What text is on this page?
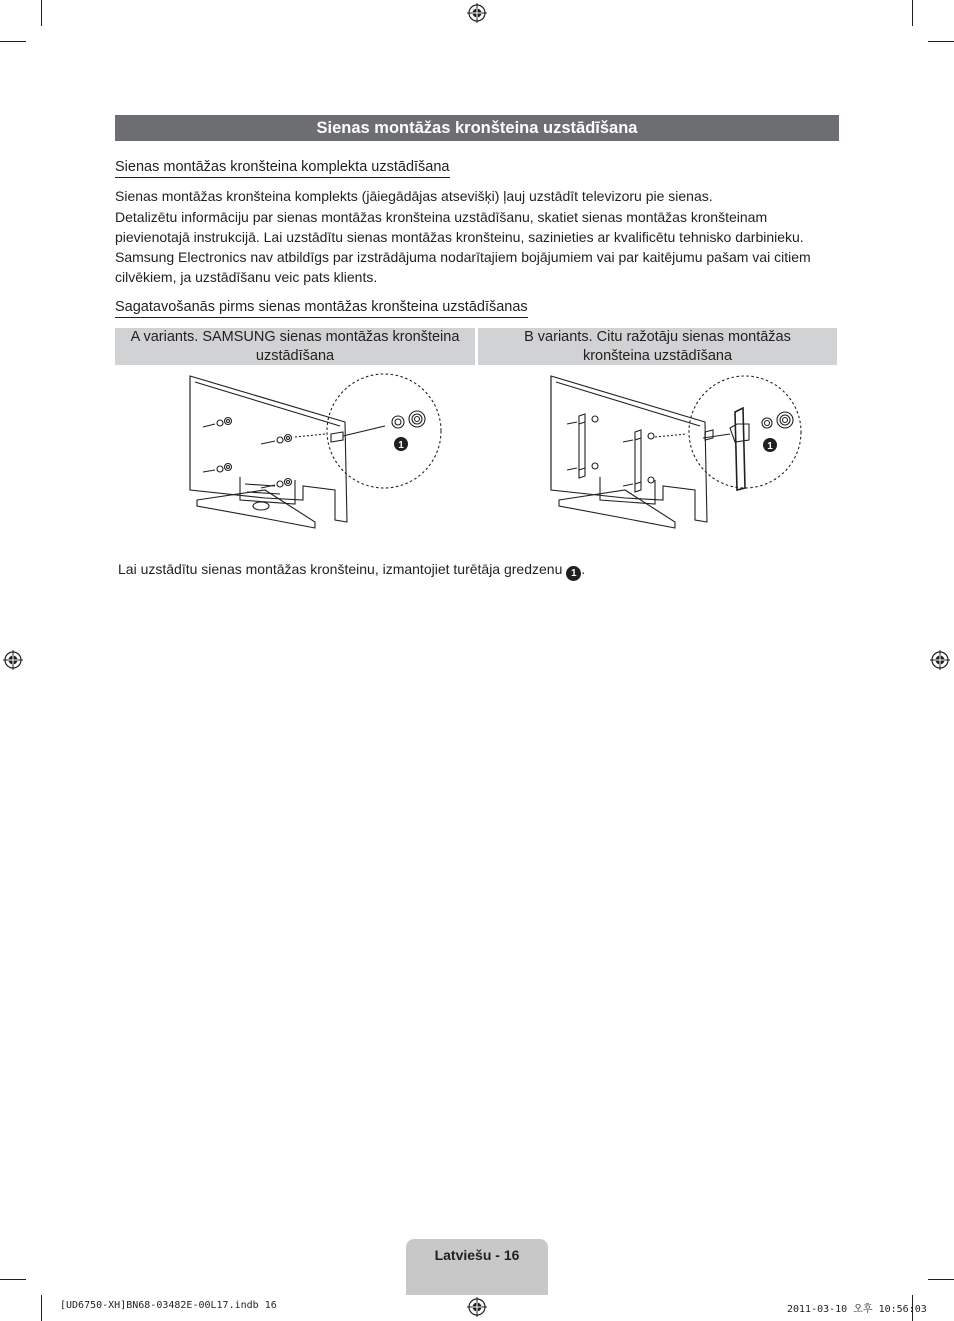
Sienas montāžas kronšteina uzstādīšana
Sienas montāžas kronšteina komplekta uzstādīšana
Sienas montāžas kronšteina komplekts (jāiegādājas atsevišķi) ļauj uzstādīt televizoru pie sienas.
Detalizētu informāciju par sienas montāžas kronšteina uzstādīšanu, skatiet sienas montāžas kronšteinam pievienotajā instrukcijā. Lai uzstādītu sienas montāžas kronšteinu, sazinieties ar kvalificētu tehnisko darbinieku.
Samsung Electronics nav atbildīgs par izstrādājuma nodarītajiem bojājumiem vai par kaitējumu pašam vai citiem cilvēkiem, ja uzstādīšanu veic pats klients.
Sagatavošanās pirms sienas montāžas kronšteina uzstādīšanas
A variants. SAMSUNG sienas montāžas kronšteina
uzstādīšana
B variants. Citu ražotāju sienas montāžas
kronšteina uzstādīšana
1	1
Lai uzstādītu sienas montāžas kronšteinu, izmantojiet turētāja gredzenu 1 .
Latviešu - 16
[UD6750-XH]BN68-03482E-00L17.indb 16	2011-03-10 오후 10:56:03
